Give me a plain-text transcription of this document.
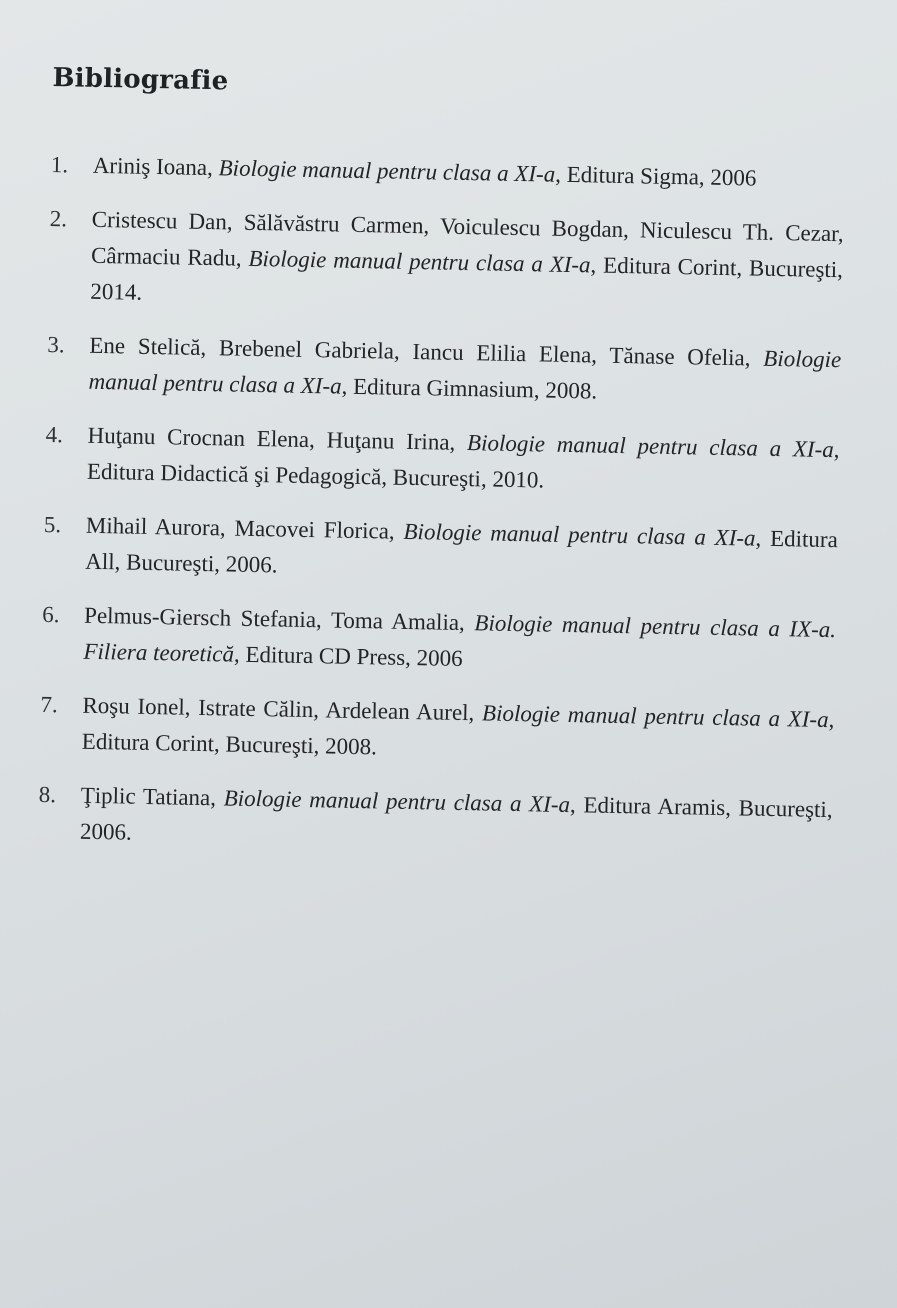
Bibliografie
1.	Ariniş Ioana, Biologie manual pentru clasa a XI-a, Editura Sigma, 2006
2.	Cristescu Dan, Sălăvăstru Carmen, Voiculescu Bogdan, Niculescu Th. Cezar, Cârmaciu Radu, Biologie manual pentru clasa a XI-a, Editura Corint, Bucureşti, 2014.
3.	Ene Stelică, Brebenel Gabriela, Iancu Elilia Elena, Tănase Ofelia, Biologie manual pentru clasa a XI-a, Editura Gimnasium, 2008.
4.	Huţanu Crocnan Elena, Huţanu Irina, Biologie manual pentru clasa a XI-a, Editura Didactică şi Pedagogică, Bucureşti, 2010.
5.	Mihail Aurora, Macovei Florica, Biologie manual pentru clasa a XI-a, Editura All, Bucureşti, 2006.
6.	Pelmus-Giersch Stefania, Toma Amalia, Biologie manual pentru clasa a IX-a. Filiera teoretică, Editura CD Press, 2006
7.	Roşu Ionel, Istrate Călin, Ardelean Aurel, Biologie manual pentru clasa a XI-a, Editura Corint, Bucureşti, 2008.
8.	Ţiplic Tatiana, Biologie manual pentru clasa a XI-a, Editura Aramis, Bucureşti, 2006.
